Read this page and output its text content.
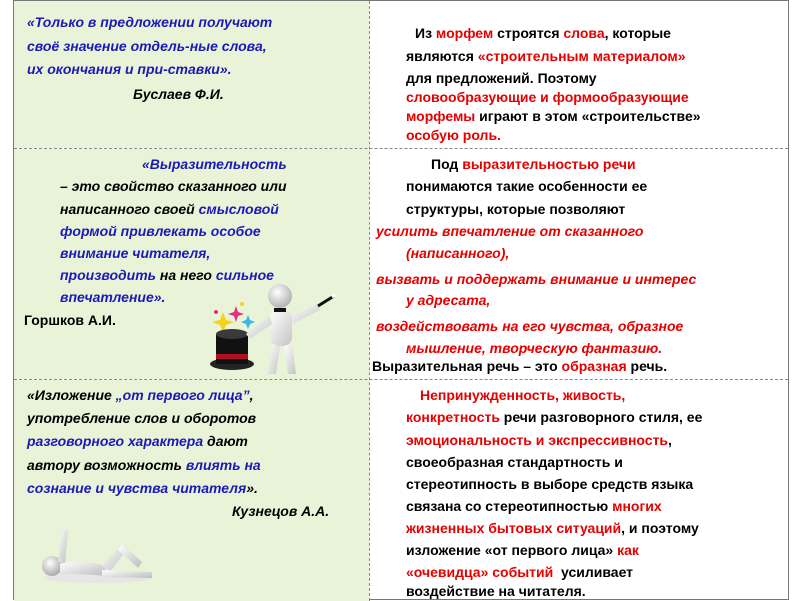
«Только в предложении получают

своё значение отдель-ные слова,

их окончания и при-ставки».

Буслаев Ф.И.

Из морфем строятся слова, которые

являются «строительным материалом»

для предложений. Поэтому

словообразующие и формообразующие

морфемы играют в этом «строительстве»

особую роль.

«Выразительность

– это свойство сказанного или

написанного своей смысловой

формой привлекать особое

внимание читателя,

производить на него сильное

впечатление».

Горшков А.И.

Под выразительностью речи

понимаются такие особенности ее

структуры, которые позволяют

усилить впечатление от сказанного

(написанного),

вызвать и поддержать внимание и интерес

у адресата,

воздействовать на его чувства, образное

мышление, творческую фантазию.

Выразительная речь – это образная речь.

«Изложение „от первого лица”,

употребление слов и оборотов

разговорного характера дают

автору возможность влиять на

сознание и чувства читателя».

Кузнецов А.А.

Непринужденность, живость,

конкретность речи разговорного стиля, ее

эмоциональность и экспрессивность,

своеобразная стандартность и

стереотипность в выборе средств языка

связана со стереотипностью многих

жизненных бытовых ситуаций, и поэтому

изложение «от первого лица» как

«очевидца» событий  усиливает

воздействие на читателя.
